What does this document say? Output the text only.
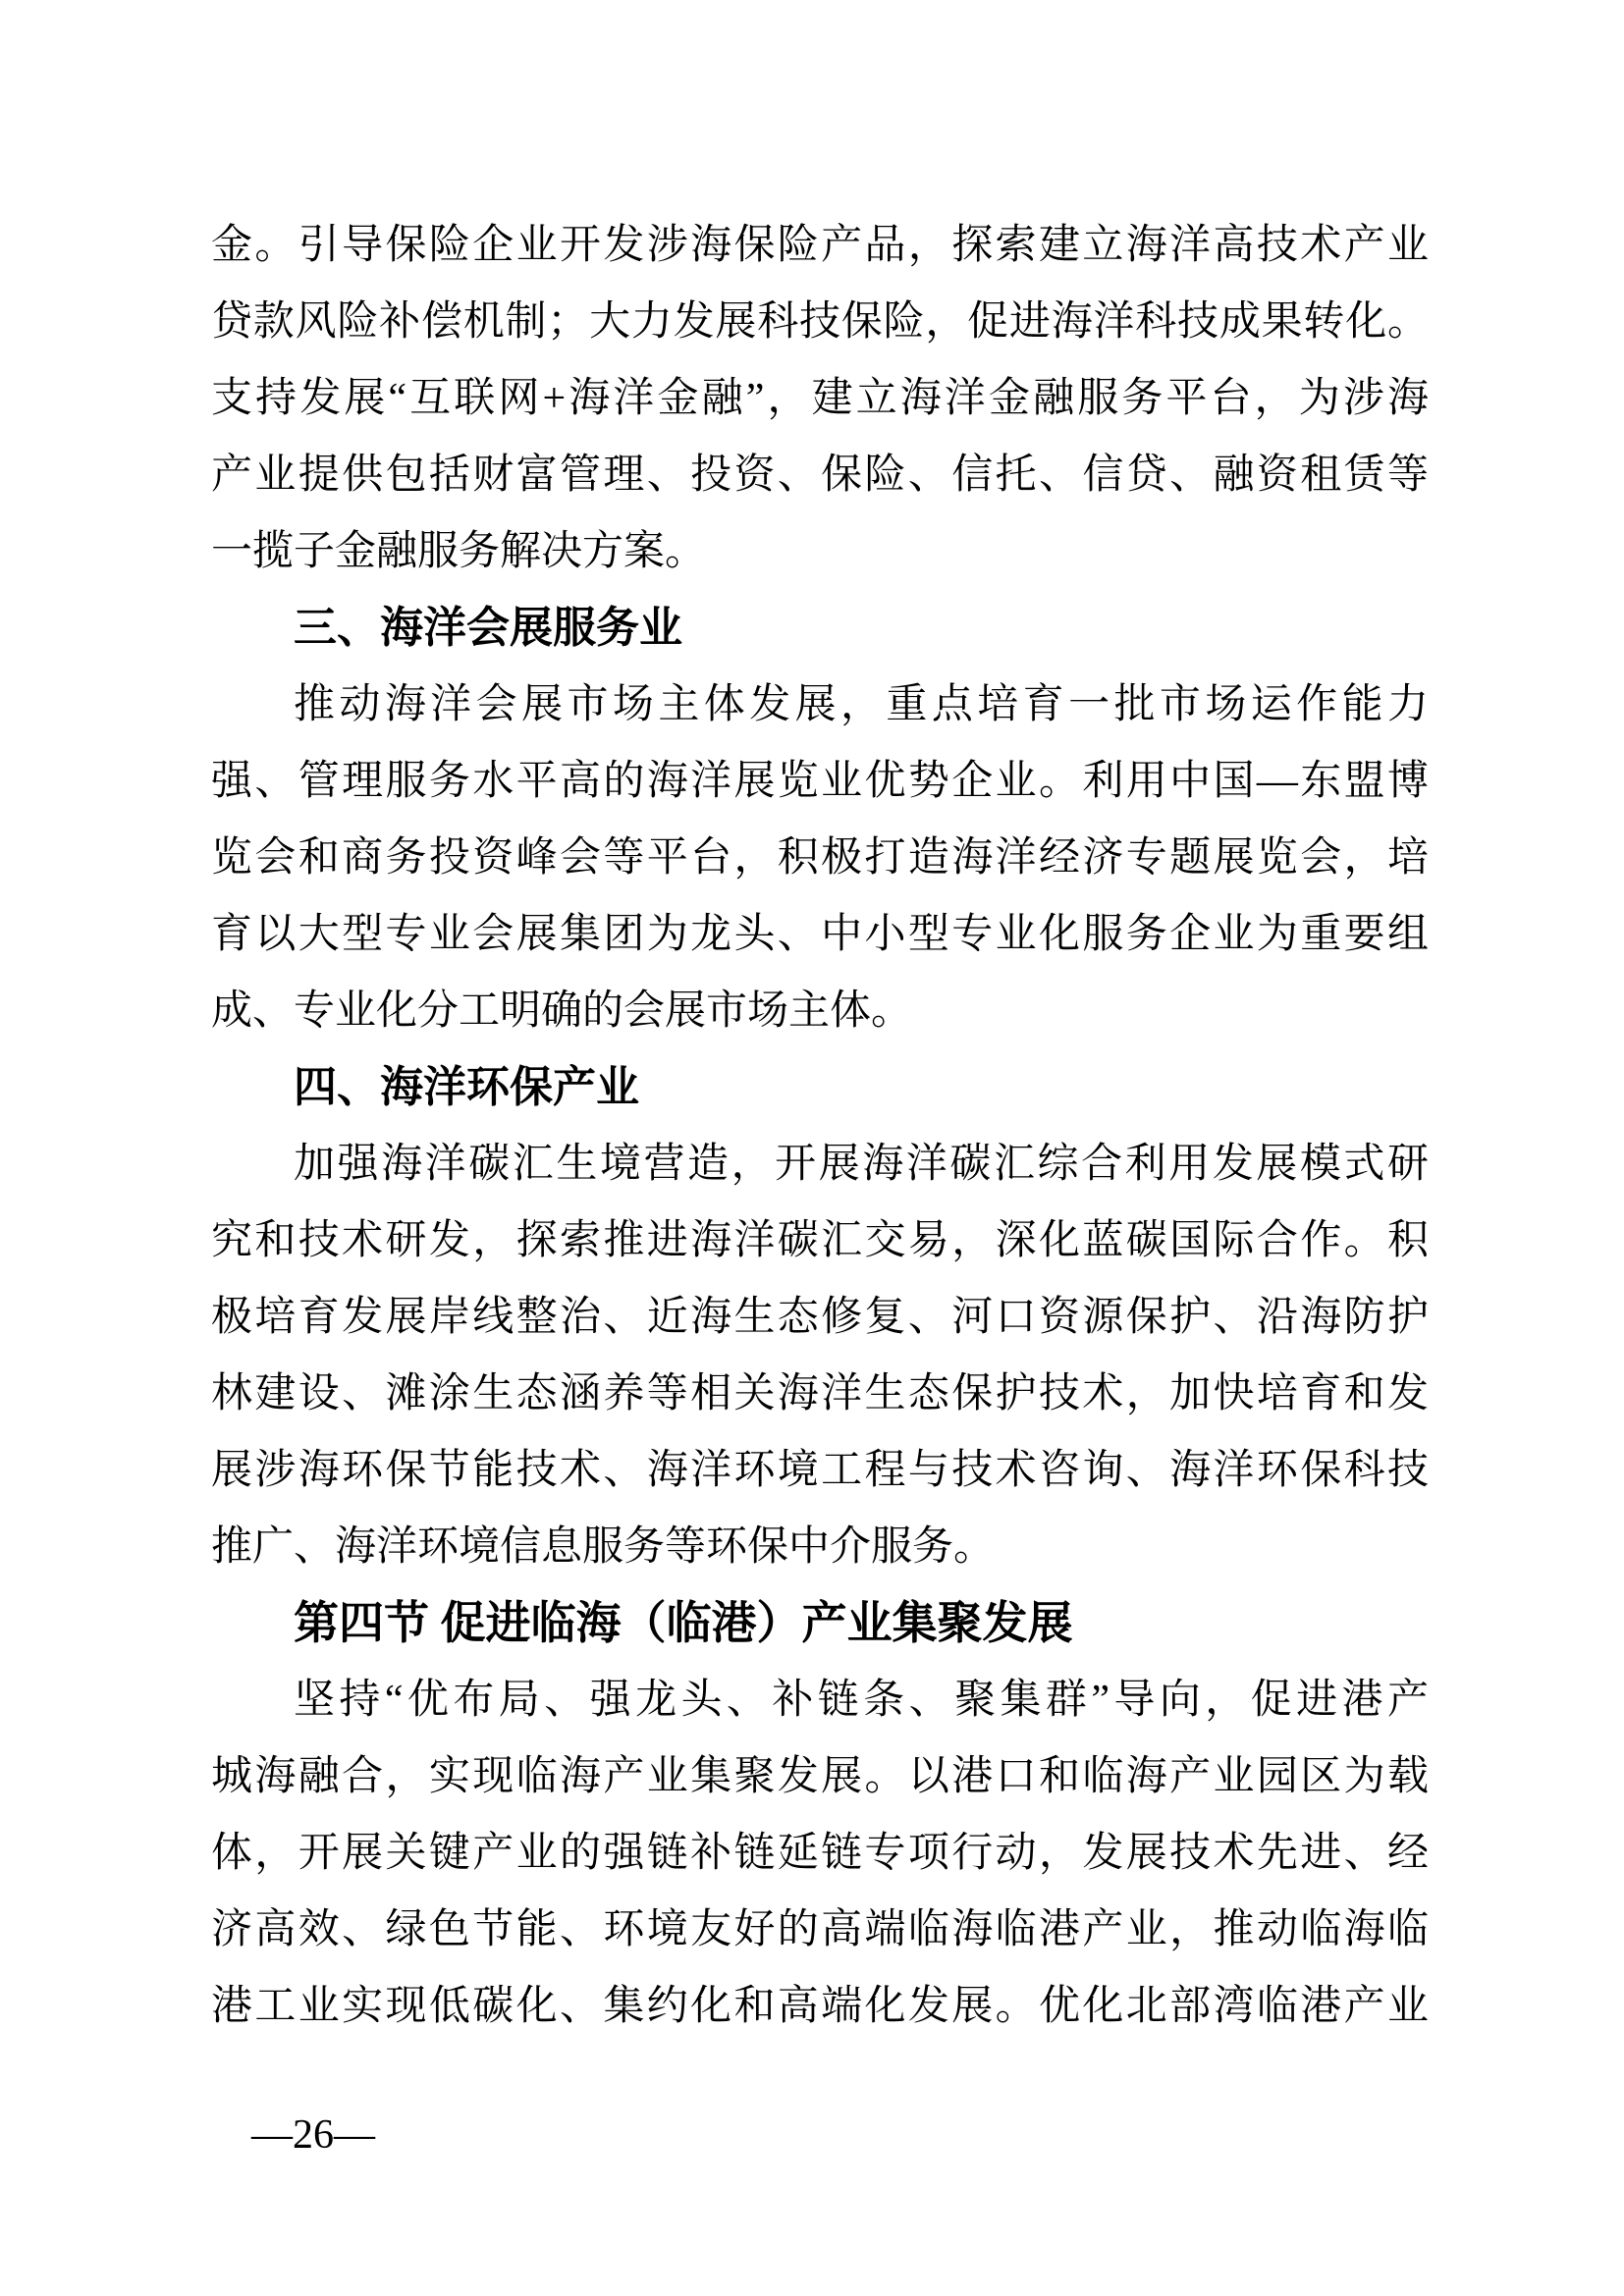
金。引导保险企业开发涉海保险产品，探索建立海洋高技术产业
贷款风险补偿机制；大力发展科技保险，促进海洋科技成果转化。
支持发展“互联网+海洋金融”，建立海洋金融服务平台，为涉海
产业提供包括财富管理、投资、保险、信托、信贷、融资租赁等
一揽子金融服务解决方案。
三、海洋会展服务业
推动海洋会展市场主体发展，重点培育一批市场运作能力
强、管理服务水平高的海洋展览业优势企业。利用中国—东盟博
览会和商务投资峰会等平台，积极打造海洋经济专题展览会，培
育以大型专业会展集团为龙头、中小型专业化服务企业为重要组
成、专业化分工明确的会展市场主体。
四、海洋环保产业
加强海洋碳汇生境营造，开展海洋碳汇综合利用发展模式研
究和技术研发，探索推进海洋碳汇交易，深化蓝碳国际合作。积
极培育发展岸线整治、近海生态修复、河口资源保护、沿海防护
林建设、滩涂生态涵养等相关海洋生态保护技术，加快培育和发
展涉海环保节能技术、海洋环境工程与技术咨询、海洋环保科技
推广、海洋环境信息服务等环保中介服务。
第四节 促进临海（临港）产业集聚发展
坚持“优布局、强龙头、补链条、聚集群”导向，促进港产
城海融合，实现临海产业集聚发展。以港口和临海产业园区为载
体，开展关键产业的强链补链延链专项行动，发展技术先进、经
济高效、绿色节能、环境友好的高端临海临港产业，推动临海临
港工业实现低碳化、集约化和高端化发展。优化北部湾临港产业
—26—
